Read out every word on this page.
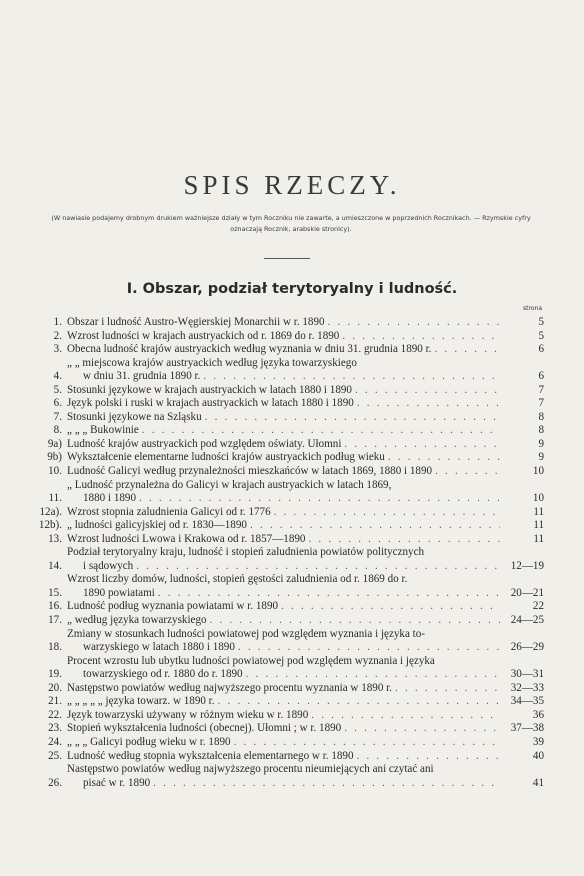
SPIS RZECZY.
(W nawiasie podajemy drobnym drukiem ważniejsze działy w tym Roczniku nie zawarte, a umieszczone w poprzednich Rocznikach. — Rzymskie cyfry oznaczają Rocznik, arabskie stronicy).
I. Obszar, podział terytoryalny i ludność.
strona
1. Obszar i ludność Austro-Węgierskiej Monarchii w r. 1890 . . .	5
2. Wzrost ludności w krajach austryackich od r. 1869 do r. 1890 . . .	5
3. Obecna ludność krajów austryackich według wyznania w dniu 31. grudnia 1890 r. . . .	6
4.
„ „ miejscowa krajów austryackich według języka towarzyskiego
w dniu 31. grudnia 1890 r. . . .	6
5. Stosunki językowe w krajach austryackich w latach 1880 i 1890 . . .	7
6. Język polski i ruski w krajach austryackich w latach 1880 i 1890 . . .	7
7. Stosunki językowe na Szląsku . . .	8
8. „ „ „ Bukowinie . . .	8
9a) Ludność krajów austryackich pod względem oświaty. Ułomni . . .	9
9b) Wykształcenie elementarne ludności krajów austryackich podług wieku . . .	9
10. Ludność Galicyi według przynależności mieszkańców w latach 1869, 1880 i 1890 . . .	10
11.
„ Ludność przynależna do Galicyi w krajach austryackich w latach 1869,
1880 i 1890 . . .	10
12a). Wzrost stopnia zaludnienia Galicyi od r. 1776 . . .	11
12b). „ ludności galicyjskiej od r. 1830—1890 . . .	11
13. Wzrost ludności Lwowa i Krakowa od r. 1857—1890 . . .	11
14.
Podział terytoryalny kraju, ludność i stopień zaludnienia powiatów politycznych
i sądowych . . .	12—19
15.
Wzrost liczby domów, ludności, stopień gęstości zaludnienia od r. 1869 do r.
1890 powiatami . . .	20—21
16. Ludność podług wyznania powiatami w r. 1890 . . .	22
17. „ według języka towarzyskiego . . .	24—25
18.
Zmiany w stosunkach ludności powiatowej pod względem wyznania i języka to-
warzyskiego w latach 1880 i 1890 . . .	26—29
19.
Procent wzrostu lub ubytku ludności powiatowej pod względem wyznania i języka
towarzyskiego od r. 1880 do r. 1890 . . .	30—31
20. Następstwo powiatów według najwyższego procentu wyznania w 1890 r. . . .	32—33
21. „ „ „ „ „ języka towarz. w 1890 r. . . .	34—35
22. Język towarzyski używany w różnym wieku w r. 1890 . . .	36
23. Stopień wykształcenia ludności (obecnej). Ułomni ; w r. 1890 . . .	37—38
24. „ „ „ Galicyi podług wieku w r. 1890 . . .	39
25. Ludność według stopnia wykształcenia elementarnego w r. 1890 . . .	40
26.
Następstwo powiatów według najwyższego procentu nieumiejących ani czytać ani
pisać w r. 1890 . . .	41
